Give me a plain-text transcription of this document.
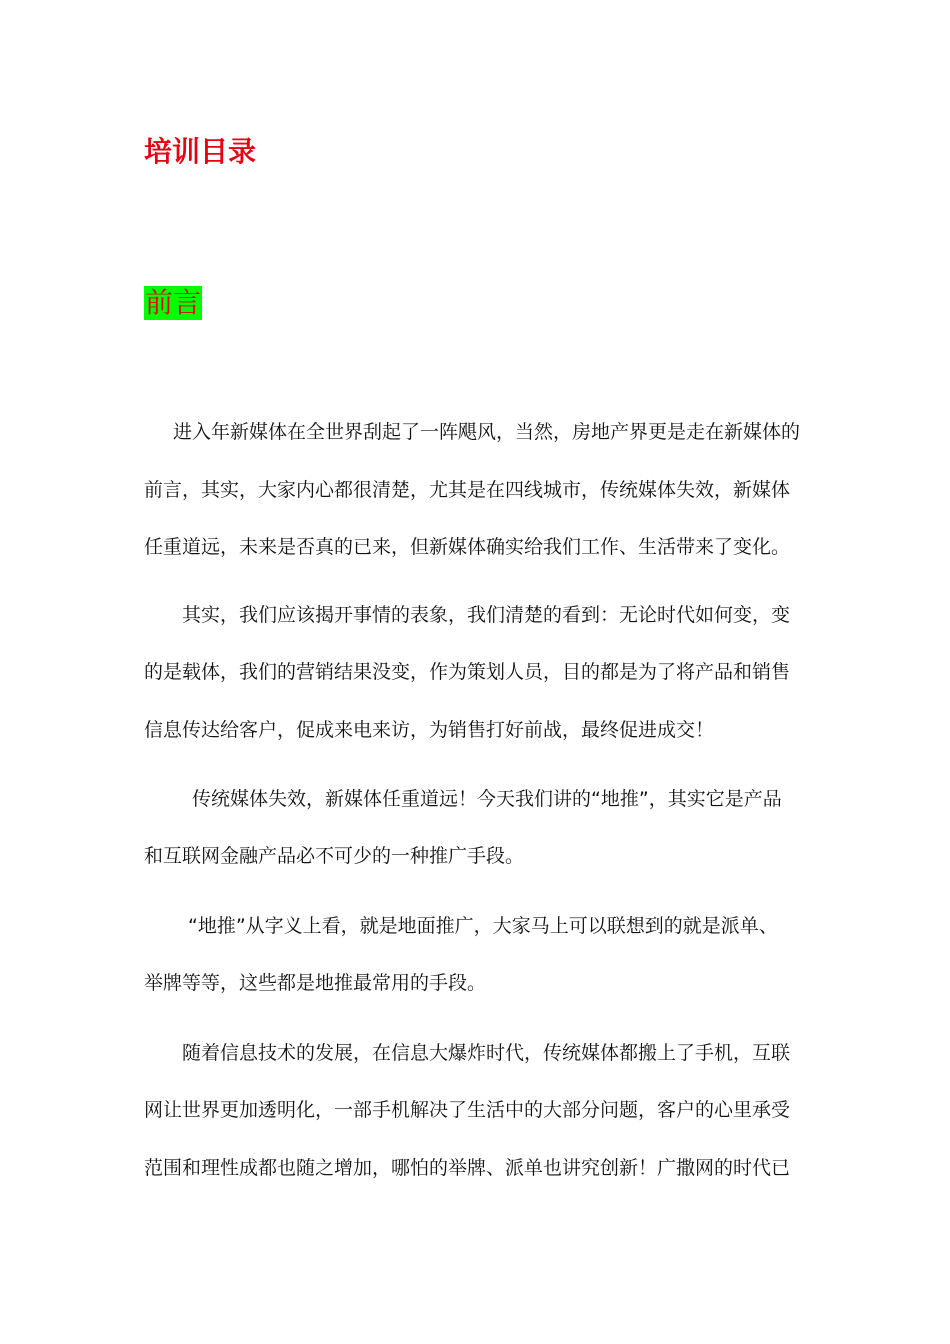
培训目录
前言
进入年新媒体在全世界刮起了一阵飓风，当然，房地产界更是走在新媒体的
前言，其实，大家内心都很清楚，尤其是在四线城市，传统媒体失效，新媒体
任重道远，未来是否真的已来，但新媒体确实给我们工作、生活带来了变化。
其实，我们应该揭开事情的表象，我们清楚的看到：无论时代如何变，变
的是载体，我们的营销结果没变，作为策划人员，目的都是为了将产品和销售
信息传达给客户，促成来电来访，为销售打好前战，最终促进成交！
传统媒体失效，新媒体任重道远！今天我们讲的“地推”，其实它是产品
和互联网金融产品必不可少的一种推广手段。
“地推”从字义上看，就是地面推广，大家马上可以联想到的就是派单、
举牌等等，这些都是地推最常用的手段。
随着信息技术的发展，在信息大爆炸时代，传统媒体都搬上了手机，互联
网让世界更加透明化，一部手机解决了生活中的大部分问题，客户的心里承受
范围和理性成都也随之增加，哪怕的举牌、派单也讲究创新！广撒网的时代已
